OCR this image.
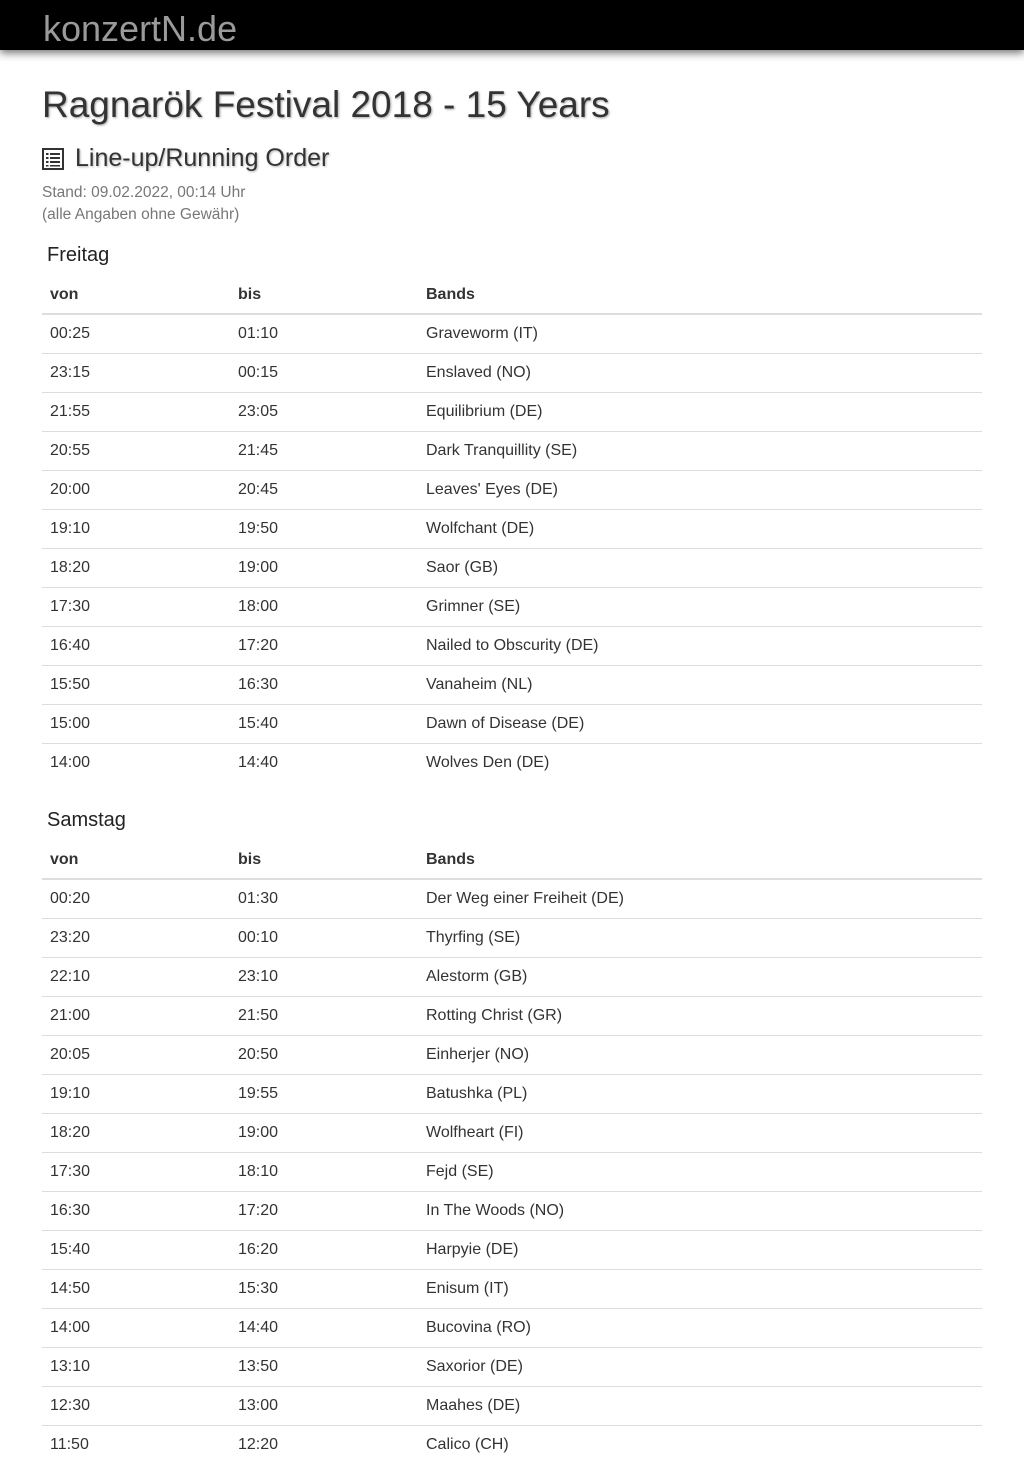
konzertN.de
Ragnarök Festival 2018 - 15 Years
Line-up/Running Order
Stand: 09.02.2022, 00:14 Uhr
(alle Angaben ohne Gewähr)
Freitag
von	bis	Bands
00:25	01:10	Graveworm (IT)
23:15	00:15	Enslaved (NO)
21:55	23:05	Equilibrium (DE)
20:55	21:45	Dark Tranquillity (SE)
20:00	20:45	Leaves' Eyes (DE)
19:10	19:50	Wolfchant (DE)
18:20	19:00	Saor (GB)
17:30	18:00	Grimner (SE)
16:40	17:20	Nailed to Obscurity (DE)
15:50	16:30	Vanaheim (NL)
15:00	15:40	Dawn of Disease (DE)
14:00	14:40	Wolves Den (DE)
Samstag
von	bis	Bands
00:20	01:30	Der Weg einer Freiheit (DE)
23:20	00:10	Thyrfing (SE)
22:10	23:10	Alestorm (GB)
21:00	21:50	Rotting Christ (GR)
20:05	20:50	Einherjer (NO)
19:10	19:55	Batushka (PL)
18:20	19:00	Wolfheart (FI)
17:30	18:10	Fejd (SE)
16:30	17:20	In The Woods (NO)
15:40	16:20	Harpyie (DE)
14:50	15:30	Enisum (IT)
14:00	14:40	Bucovina (RO)
13:10	13:50	Saxorior (DE)
12:30	13:00	Maahes (DE)
11:50	12:20	Calico (CH)
